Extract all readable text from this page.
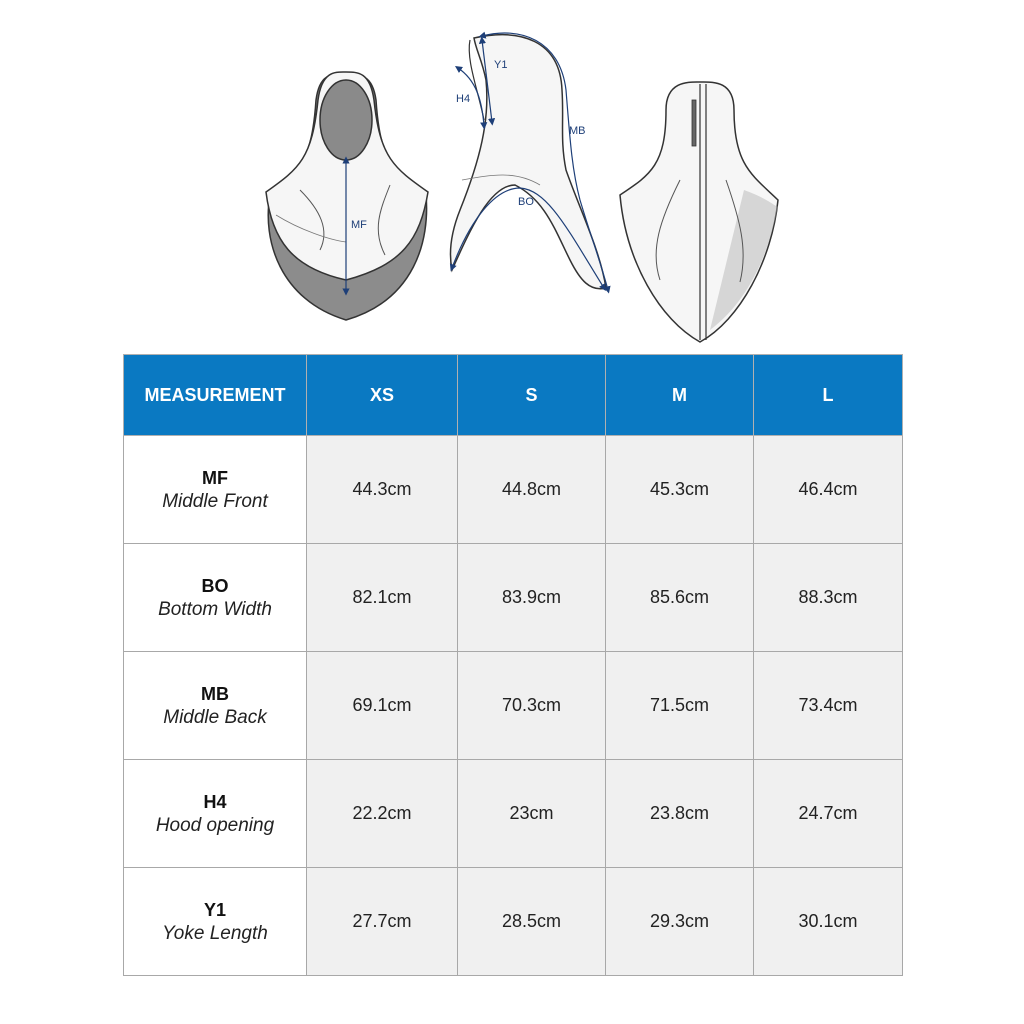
MF
Y1
H4
MB
BO
MEASUREMENT	XS	S	M	L

MF
Middle Front	44.3cm	44.8cm	45.3cm	46.4cm

BO
Bottom Width	82.1cm	83.9cm	85.6cm	88.3cm

MB
Middle Back	69.1cm	70.3cm	71.5cm	73.4cm

H4
Hood opening	22.2cm	23cm	23.8cm	24.7cm

Y1
Yoke Length	27.7cm	28.5cm	29.3cm	30.1cm
